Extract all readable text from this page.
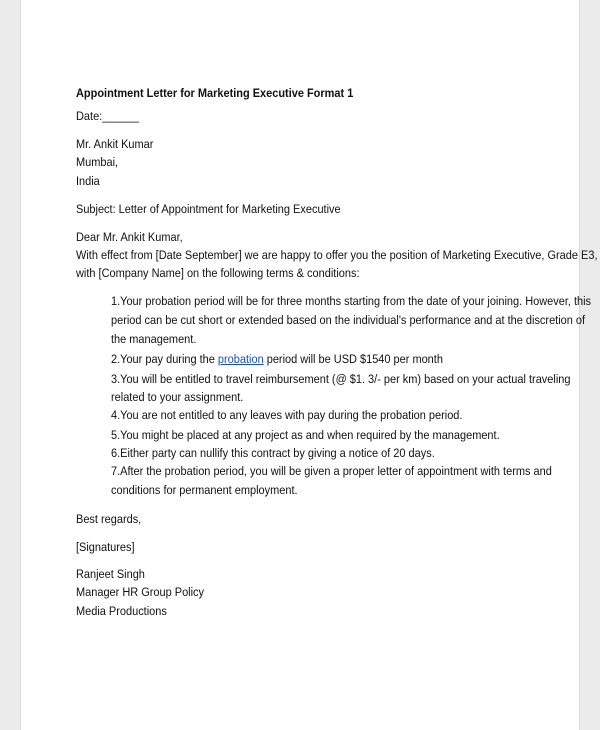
Appointment Letter for Marketing Executive Format 1
Date:______
Mr. Ankit Kumar
Mumbai,
India
Subject: Letter of Appointment for Marketing Executive
Dear Mr. Ankit Kumar,
With effect from [Date September] we are happy to offer you the position of Marketing Executive, Grade E3,
with [Company Name] on the following terms & conditions:
1.Your probation period will be for three months starting from the date of your joining. However, this
period can be cut short or extended based on the individual's performance and at the discretion of
the management.
2.Your pay during the probation period will be USD $1540 per month
3.You will be entitled to travel reimbursement (@ $1. 3/- per km) based on your actual traveling
related to your assignment.
4.You are not entitled to any leaves with pay during the probation period.
5.You might be placed at any project as and when required by the management.
6.Either party can nullify this contract by giving a notice of 20 days.
7.After the probation period, you will be given a proper letter of appointment with terms and
conditions for permanent employment.
Best regards,
[Signatures]
Ranjeet Singh
Manager HR Group Policy
Media Productions
